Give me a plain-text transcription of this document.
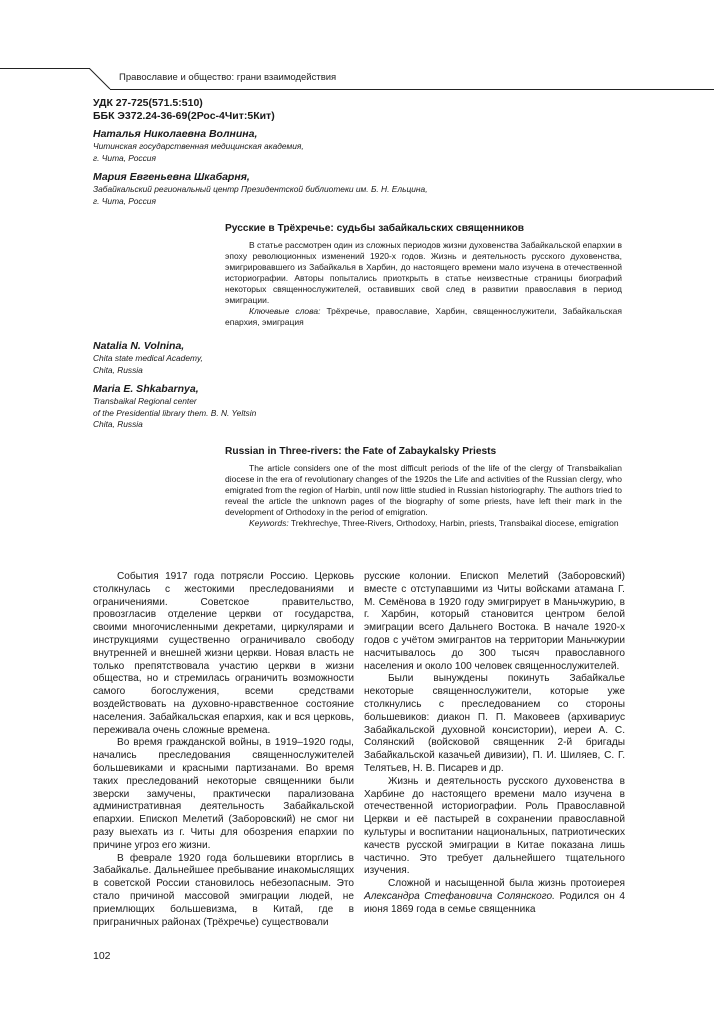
Православие и общество: грани взаимодействия
УДК 27-725(571.5:510)
ББК Э372.24-36-69(2Рос-4Чит:5Кит)
Наталья Николаевна Волнина,
Читинская государственная медицинская академия,
г. Чита, Россия
Мария Евгеньевна Шкабарня,
Забайкальский региональный центр Президентской библиотеки им. Б. Н. Ельцина,
г. Чита, Россия
Русские в Трёхречье: судьбы забайкальских священников

В статье рассмотрен один из сложных периодов жизни духовенства Забайкальской епархии в эпоху революционных изменений 1920-х годов. Жизнь и деятельность русского духовенства, эмигрировавшего из Забайкалья в Харбин, до настоящего времени мало изучена в отечественной историографии. Авторы попытались приоткрыть в статье неизвестные страницы биографий некоторых священнослужителей, оставивших свой след в развитии православия в период эмиграции.

Ключевые слова: Трёхречье, православие, Харбин, священнослужители, Забайкальская епархия, эмиграция

Natalia N. Volnina,
Chita state medical Academy,
Chita, Russia
Maria E. Shkabarnya,
Transbaikal Regional center
of the Presidential library them. B. N. Yeltsin
Chita, Russia
Russian in Three-rivers: the Fate of Zabaykalsky Priests

The article considers one of the most difficult periods of the life of the clergy of Transbaikalian diocese in the era of revolutionary changes of the 1920s the Life and activities of the Russian clergy, who emigrated from the region of Harbin, until now little studied in Russian historiography. The authors tried to reveal the article the unknown pages of the biography of some priests, have left their mark in the development of Orthodoxy in the period of emigration.

Keywords: Trekhrechye, Three-Rivers, Orthodoxy, Harbin, priests, Transbaikal diocese, emigration

События 1917 года потрясли Россию. Церковь столкнулась с жестокими преследованиями и ограничениями. Советское правительство, провозгласив отделение церкви от государства, своими многочисленными декретами, циркулярами и инструкциями существенно ограничивало свободу внутренней и внешней жизни церкви. Новая власть не только препятствовала участию церкви в жизни общества, но и стремилась ограничить возможности самого богослужения, всеми средствами воздействовать на духовно-нравственное состояние населения. Забайкальская епархия, как и вся церковь, переживала очень сложные времена.

Во время гражданской войны, в 1919–1920 годы, начались преследования священнослужителей большевиками и красными партизанами. Во время таких преследований некоторые священники были зверски замучены, практически парализована административная деятельность Забайкальской епархии. Епископ Мелетий (Заборовский) не смог ни разу выехать из г. Читы для обозрения епархии по причине угроз его жизни.

В феврале 1920 года большевики вторглись в Забайкалье. Дальнейшее пребывание инакомыслящих в советской России становилось небезопасным. Это стало причиной массовой эмиграции людей, не приемлющих большевизма, в Китай, где в приграничных районах (Трёхречье) существовали

русские колонии. Епископ Мелетий (Заборовский) вместе с отступавшими из Читы войсками атамана Г. М. Семёнова в 1920 году эмигрирует в Маньчжурию, в г. Харбин, который становится центром белой эмиграции всего Дальнего Востока. В начале 1920-х годов с учётом эмигрантов на территории Маньчжурии насчитывалось до 300 тысяч православного населения и около 100 человек священнослужителей.

Были вынуждены покинуть Забайкалье некоторые священнослужители, которые уже столкнулись с преследованием со стороны большевиков: диакон П. П. Маковеев (архивариус Забайкальской духовной консистории), иереи А. С. Солянский (войсковой священник 2-й бригады Забайкальской казачьей дивизии), П. И. Шиляев, С. Г. Телятьев, Н. В. Писарев и др.

Жизнь и деятельность русского духовенства в Харбине до настоящего времени мало изучена в отечественной историографии. Роль Православной Церкви и её пастырей в сохранении православной культуры и воспитании национальных, патриотических качеств русской эмиграции в Китае показана лишь частично. Это требует дальнейшего тщательного изучения.

Сложной и насыщенной была жизнь протоиерея Александра Стефановича Солянского. Родился он 4 июня 1869 года в семье священника

102
